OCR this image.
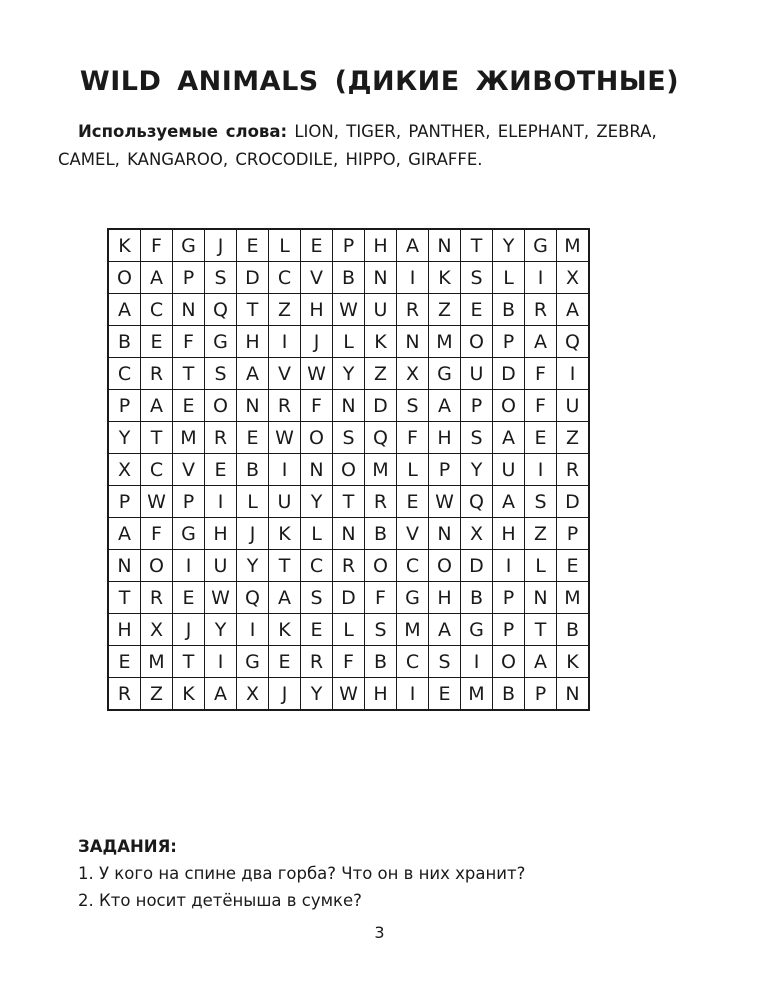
WILD ANIMALS (ДИКИЕ ЖИВОТНЫЕ)
Используемые слова: LION, TIGER, PANTHER, ELEPHANT, ZEBRA, CAMEL, KANGAROO, CROCODILE, HIPPO, GIRAFFE.
K	F	G	J	E	L	E	P	H	A	N	T	Y	G	M
O	A	P	S	D	C	V	B	N	I	K	S	L	I	X
A	C	N	Q	T	Z	H	W	U	R	Z	E	B	R	A
B	E	F	G	H	I	J	L	K	N	M	O	P	A	Q
C	R	T	S	A	V	W	Y	Z	X	G	U	D	F	I
P	A	E	O	N	R	F	N	D	S	A	P	O	F	U
Y	T	M	R	E	W	O	S	Q	F	H	S	A	E	Z
X	C	V	E	B	I	N	O	M	L	P	Y	U	I	R
P	W	P	I	L	U	Y	T	R	E	W	Q	A	S	D
A	F	G	H	J	K	L	N	B	V	N	X	H	Z	P
N	O	I	U	Y	T	C	R	O	C	O	D	I	L	E
T	R	E	W	Q	A	S	D	F	G	H	B	P	N	M
H	X	J	Y	I	K	E	L	S	M	A	G	P	T	B
E	M	T	I	G	E	R	F	B	C	S	I	O	A	K
R	Z	K	A	X	J	Y	W	H	I	E	M	B	P	N
ЗАДАНИЯ:
1. У кого на спине два горба? Что он в них хранит?
2. Кто носит детёныша в сумке?
3
